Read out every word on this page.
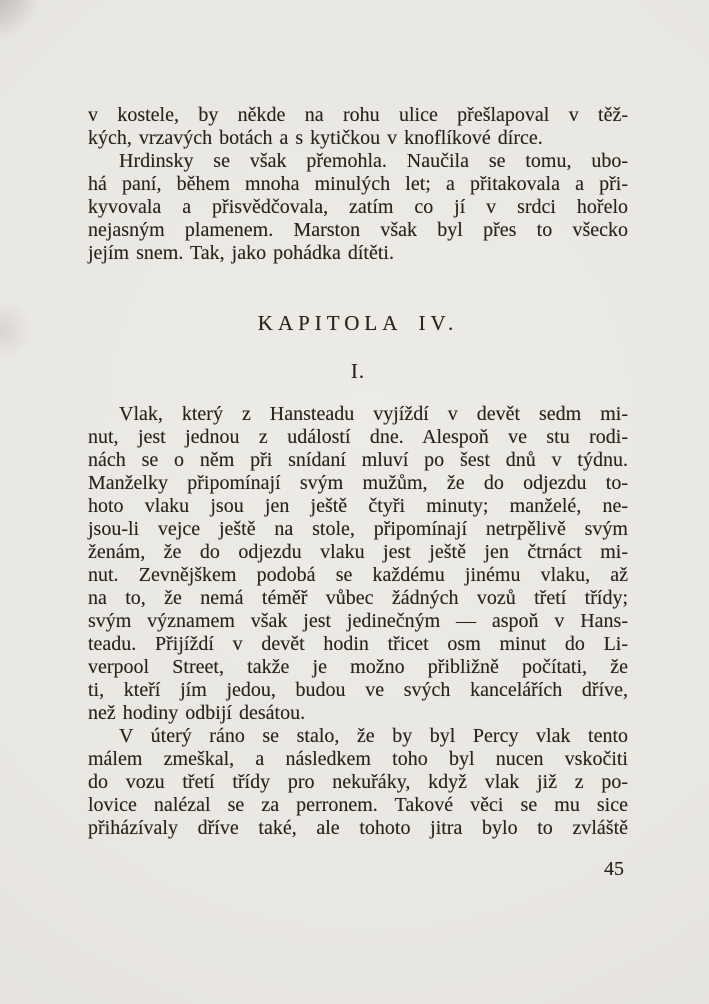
v kostele, by někde na rohu ulice přešlapoval v těž-
kých, vrzavých botách a s kytičkou v knoflíkové dírce.
Hrdinsky se však přemohla. Naučila se tomu, ubo-
há paní, během mnoha minulých let; a přitakovala a při-
kyvovala a přisvědčovala, zatím co jí v srdci hořelo
nejasným plamenem. Marston však byl přes to všecko
jejím snem. Tak, jako pohádka dítěti.
KAPITOLA IV.
I.
Vlak, který z Hansteadu vyjíždí v devět sedm mi-
nut, jest jednou z událostí dne. Alespoň ve stu rodi-
nách se o něm při snídaní mluví po šest dnů v týdnu.
Manželky připomínají svým mužům, že do odjezdu to-
hoto vlaku jsou jen ještě čtyři minuty; manželé, ne-
jsou-li vejce ještě na stole, připomínají netrpělivě svým
ženám, že do odjezdu vlaku jest ještě jen čtrnáct mi-
nut. Zevnějškem podobá se každému jinému vlaku, až
na to, že nemá téměř vůbec žádných vozů třetí třídy;
svým významem však jest jedinečným — aspoň v Hans-
teadu. Přijíždí v devět hodin třicet osm minut do Li-
verpool Street, takže je možno přibližně počítati, že
ti, kteří jím jedou, budou ve svých kancelářích dříve,
než hodiny odbijí desátou.
V úterý ráno se stalo, že by byl Percy vlak tento
málem zmeškal, a následkem toho byl nucen vskočiti
do vozu třetí třídy pro nekuřáky, když vlak již z po-
lovice nalézal se za perronem. Takové věci se mu sice
přiházívaly dříve také, ale tohoto jitra bylo to zvláště
45
